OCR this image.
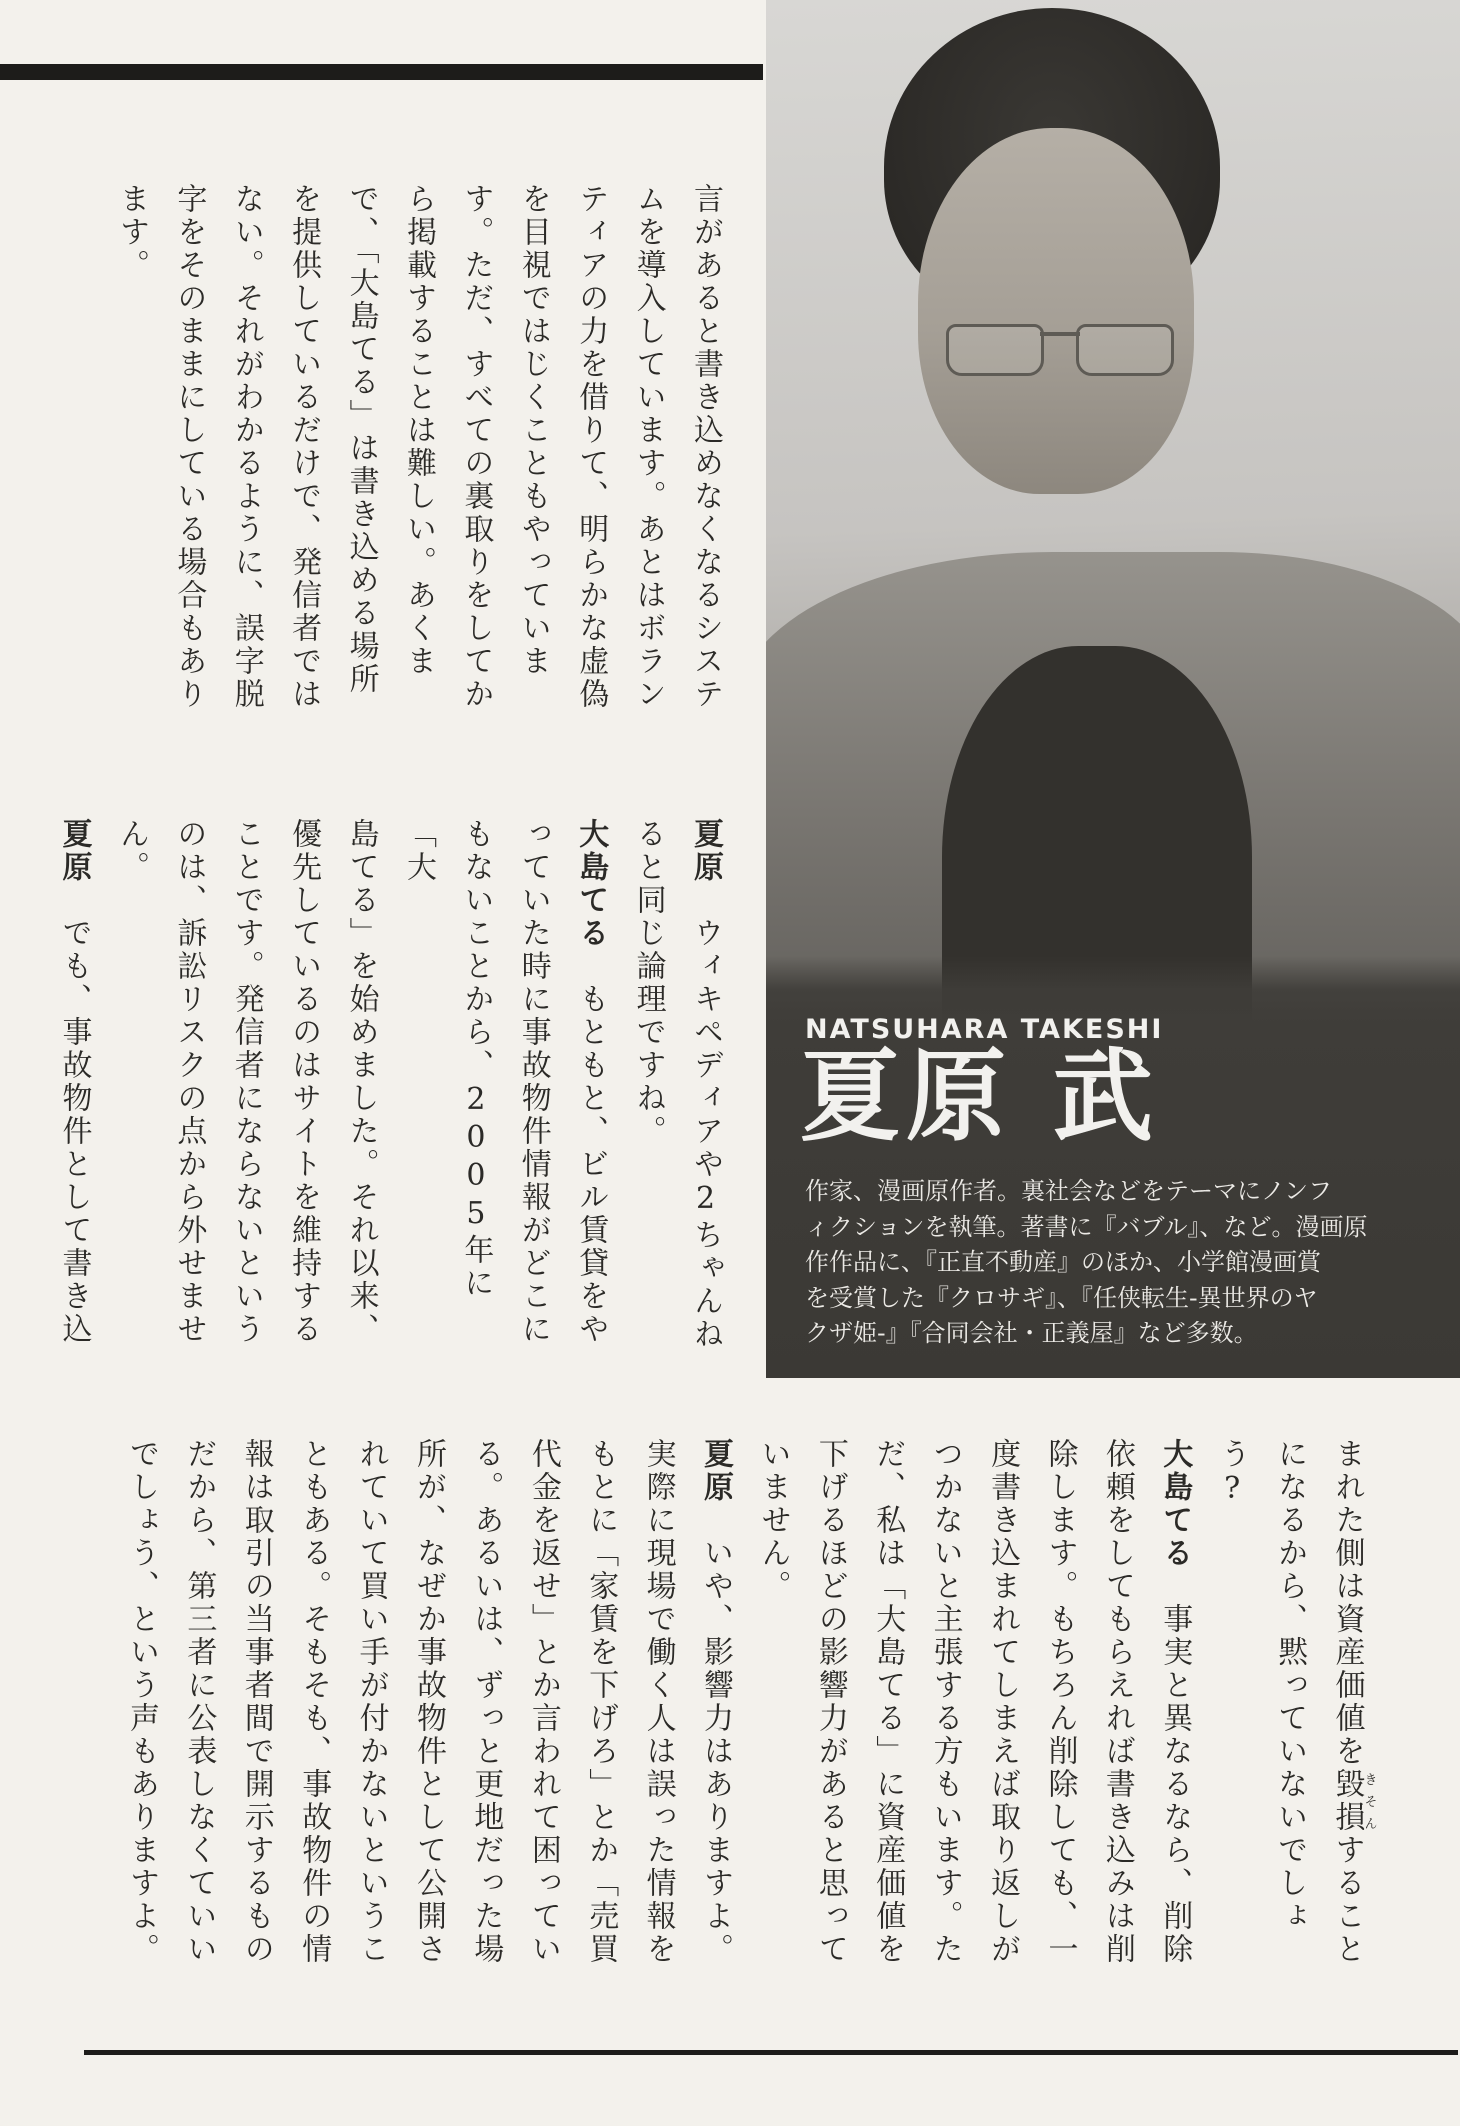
言があると書き込めなくなるシステ

ムを導入しています。あとはボラン

ティアの力を借りて、明らかな虚偽

を目視ではじくこともやっていま

す。ただ、すべての裏取りをしてか

ら掲載することは難しい。あくま

で、「大島てる」は書き込める場所

を提供しているだけで、発信者では

ない。それがわかるように、誤字脱

字をそのままにしている場合もあり

ます。

夏原　ウィキペディアや2ちゃんね

ると同じ論理ですね。

大島てる　もともと、ビル賃貸をや

っていた時に事故物件情報がどこに

もないことから、2005年に「大

島てる」を始めました。それ以来、

優先しているのはサイトを維持する

ことです。発信者にならないという

のは、訴訟リスクの点から外せませ

ん。

夏原　でも、事故物件として書き込	NATSUHARA TAKESHI
夏原 武
作家、漫画原作者。裏社会などをテーマにノンフ
ィクションを執筆。著書に『バブル』、など。漫画原
作作品に、『正直不動産』のほか、小学館漫画賞
を受賞した『クロサギ』、『任侠転生-異世界のヤ
クザ姫-』『合同会社・正義屋』など多数。

まれた側は資産価値を毀損きそんすること

になるから、黙っていないでしょ

う?

大島てる　事実と異なるなら、削除

依頼をしてもらえれば書き込みは削

除します。もちろん削除しても、一

度書き込まれてしまえば取り返しが

つかないと主張する方もいます。た

だ、私は「大島てる」に資産価値を

下げるほどの影響力があると思って

いません。

夏原　いや、影響力はありますよ。

実際に現場で働く人は誤った情報を

もとに「家賃を下げろ」とか「売買

代金を返せ」とか言われて困ってい

る。あるいは、ずっと更地だった場

所が、なぜか事故物件として公開さ

れていて買い手が付かないというこ

ともある。そもそも、事故物件の情

報は取引の当事者間で開示するもの

だから、第三者に公表しなくていい

でしょう、という声もありますよ。
